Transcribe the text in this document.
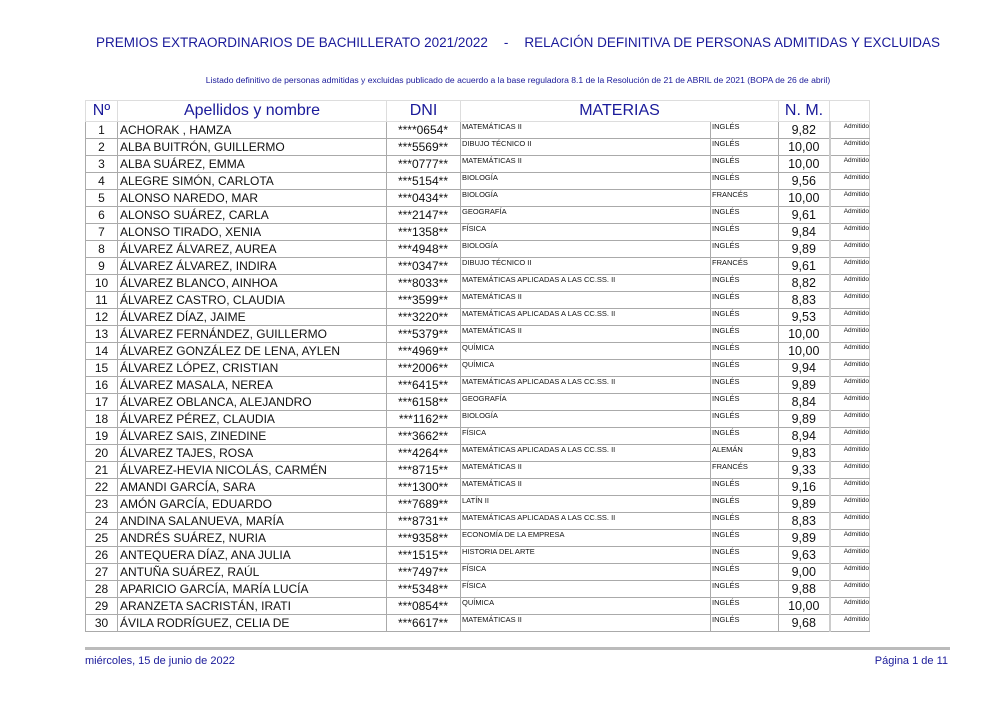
PREMIOS EXTRAORDINARIOS DE BACHILLERATO 2021/2022 - RELACIÓN DEFINITIVA DE PERSONAS ADMITIDAS Y EXCLUIDAS
Listado definitivo de personas admitidas y excluidas publicado de acuerdo a la base reguladora 8.1 de la Resolución de 21 de ABRIL de 2021 (BOPA de 26 de abril)
Nº	Apellidos y nombre	DNI	MATERIAS		N. M.	
1	ACHORAK , HAMZA	****0654*	MATEMÁTICAS II	INGLÉS	9,82	Admitido
2	ALBA BUITRÓN, GUILLERMO	***5569**	DIBUJO TÉCNICO II	INGLÉS	10,00	Admitido
3	ALBA SUÁREZ, EMMA	***0777**	MATEMÁTICAS II	INGLÉS	10,00	Admitido
4	ALEGRE SIMÓN, CARLOTA	***5154**	BIOLOGÍA	INGLÉS	9,56	Admitido
5	ALONSO NAREDO, MAR	***0434**	BIOLOGÍA	FRANCÉS	10,00	Admitido
6	ALONSO SUÁREZ, CARLA	***2147**	GEOGRAFÍA	INGLÉS	9,61	Admitido
7	ALONSO TIRADO, XENIA	***1358**	FÍSICA	INGLÉS	9,84	Admitido
8	ÁLVAREZ ÁLVAREZ, AUREA	***4948**	BIOLOGÍA	INGLÉS	9,89	Admitido
9	ÁLVAREZ ÁLVAREZ, INDIRA	***0347**	DIBUJO TÉCNICO II	FRANCÉS	9,61	Admitido
10	ÁLVAREZ BLANCO, AINHOA	***8033**	MATEMÁTICAS APLICADAS A LAS CC.SS. II	INGLÉS	8,82	Admitido
11	ÁLVAREZ CASTRO, CLAUDIA	***3599**	MATEMÁTICAS II	INGLÉS	8,83	Admitido
12	ÁLVAREZ DÍAZ, JAIME	***3220**	MATEMÁTICAS APLICADAS A LAS CC.SS. II	INGLÉS	9,53	Admitido
13	ÁLVAREZ FERNÁNDEZ, GUILLERMO	***5379**	MATEMÁTICAS II	INGLÉS	10,00	Admitido
14	ÁLVAREZ GONZÁLEZ DE LENA, AYLEN	***4969**	QUÍMICA	INGLÉS	10,00	Admitido
15	ÁLVAREZ LÓPEZ, CRISTIAN	***2006**	QUÍMICA	INGLÉS	9,94	Admitido
16	ÁLVAREZ MASALA, NEREA	***6415**	MATEMÁTICAS APLICADAS A LAS CC.SS. II	INGLÉS	9,89	Admitido
17	ÁLVAREZ OBLANCA, ALEJANDRO	***6158**	GEOGRAFÍA	INGLÉS	8,84	Admitido
18	ÁLVAREZ PÉREZ, CLAUDIA	***1162**	BIOLOGÍA	INGLÉS	9,89	Admitido
19	ÁLVAREZ SAIS, ZINEDINE	***3662**	FÍSICA	INGLÉS	8,94	Admitido
20	ÁLVAREZ TAJES, ROSA	***4264**	MATEMÁTICAS APLICADAS A LAS CC.SS. II	ALEMÁN	9,83	Admitido
21	ÁLVAREZ-HEVIA NICOLÁS, CARMÉN	***8715**	MATEMÁTICAS II	FRANCÉS	9,33	Admitido
22	AMANDI GARCÍA, SARA	***1300**	MATEMÁTICAS II	INGLÉS	9,16	Admitido
23	AMÓN GARCÍA, EDUARDO	***7689**	LATÍN II	INGLÉS	9,89	Admitido
24	ANDINA SALANUEVA, MARÍA	***8731**	MATEMÁTICAS APLICADAS A LAS CC.SS. II	INGLÉS	8,83	Admitido
25	ANDRÉS SUÁREZ, NURIA	***9358**	ECONOMÍA DE LA EMPRESA	INGLÉS	9,89	Admitido
26	ANTEQUERA DÍAZ, ANA JULIA	***1515**	HISTORIA DEL ARTE	INGLÉS	9,63	Admitido
27	ANTUÑA SUÁREZ, RAÚL	***7497**	FÍSICA	INGLÉS	9,00	Admitido
28	APARICIO GARCÍA, MARÍA LUCÍA	***5348**	FÍSICA	INGLÉS	9,88	Admitido
29	ARANZETA SACRISTÁN, IRATI	***0854**	QUÍMICA	INGLÉS	10,00	Admitido
30	ÁVILA RODRÍGUEZ, CELIA DE	***6617**	MATEMÁTICAS II	INGLÉS	9,68	Admitido
miércoles, 15 de junio de 2022	Página 1 de 11
